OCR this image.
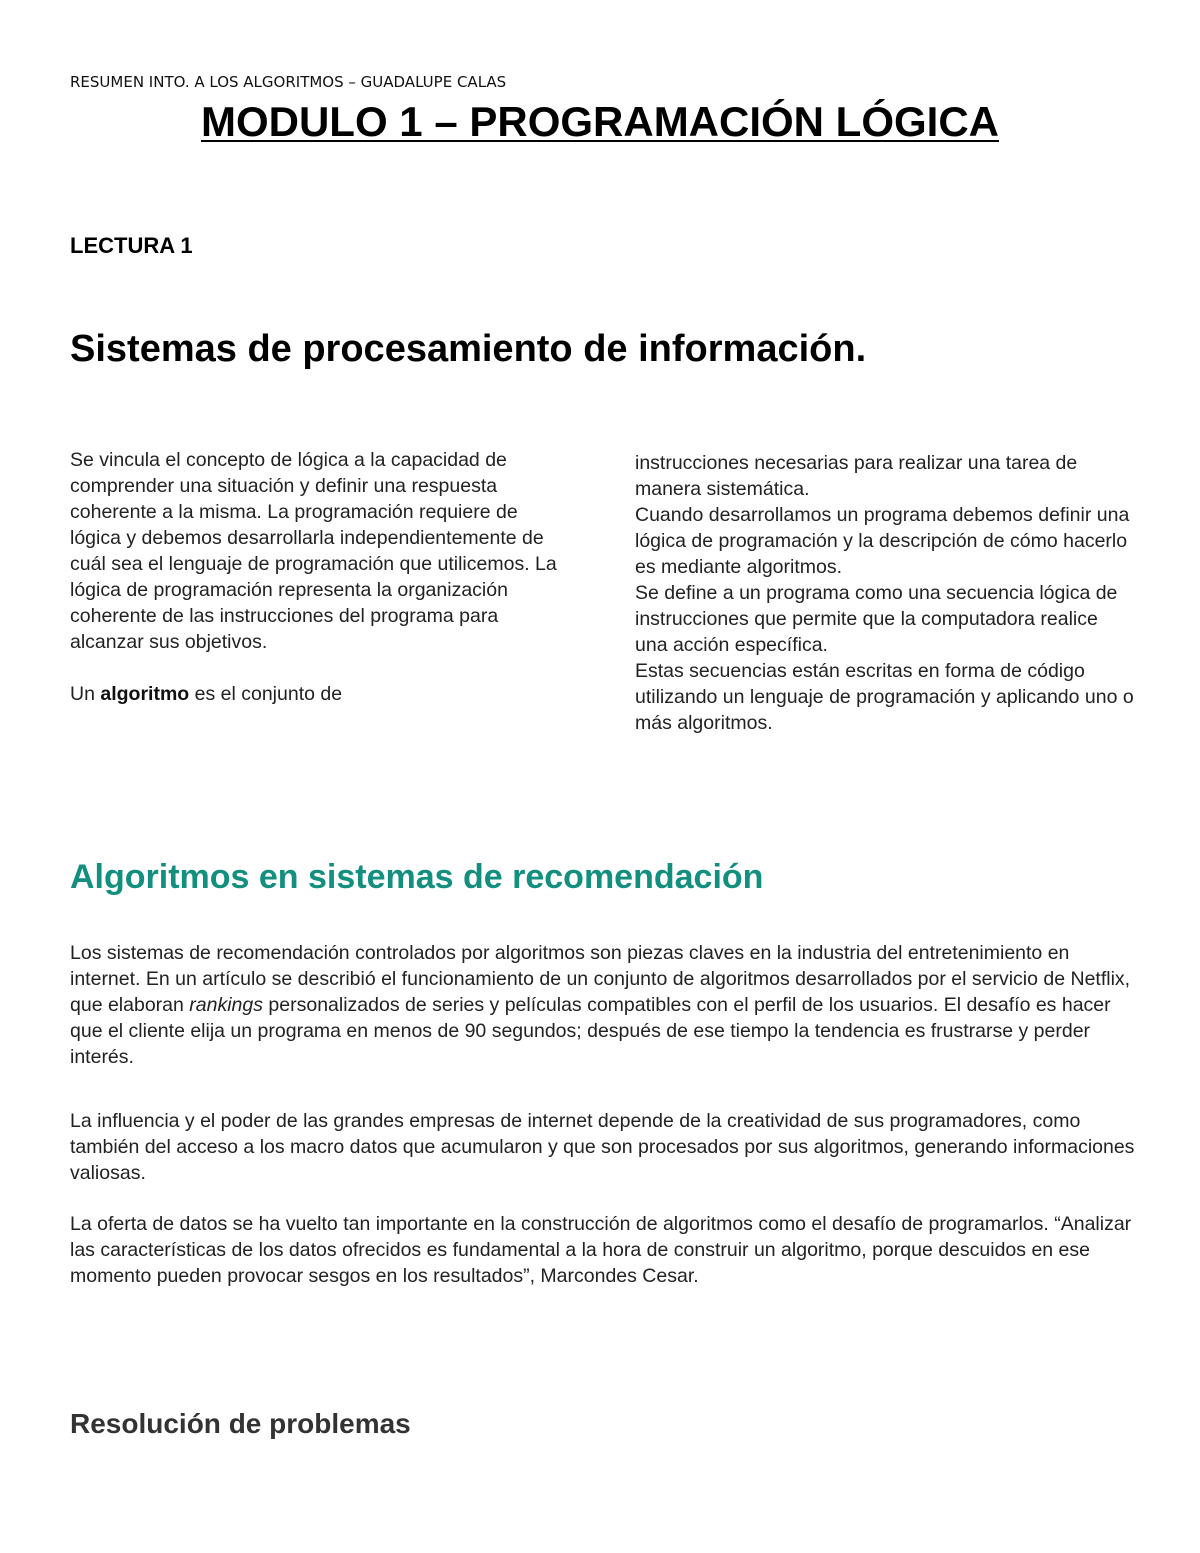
RESUMEN INTO. A LOS ALGORITMOS – GUADALUPE CALAS
MODULO 1 – PROGRAMACIÓN LÓGICA
LECTURA 1
Sistemas de procesamiento de información.

Se vincula el concepto de lógica a la capacidad de comprender una situación y definir una respuesta coherente a la misma. La programación requiere de lógica y debemos desarrollarla independientemente de cuál sea el lenguaje de programación que utilicemos. La lógica de programación representa la organización coherente de las instrucciones del programa para alcanzar sus objetivos.

Un algoritmo es el conjunto de

instrucciones necesarias para realizar una tarea de manera sistemática.

Cuando desarrollamos un programa debemos definir una lógica de programación y la descripción de cómo hacerlo es mediante algoritmos.

Se define a un programa como una secuencia lógica de instrucciones que permite que la computadora realice una acción específica.

Estas secuencias están escritas en forma de código utilizando un lenguaje de programación y aplicando uno o más algoritmos.

Algoritmos en sistemas de recomendación

Los sistemas de recomendación controlados por algoritmos son piezas claves en la industria del entretenimiento en internet. En un artículo se describió el funcionamiento de un conjunto de algoritmos desarrollados por el servicio de Netflix, que elaboran rankings personalizados de series y películas compatibles con el perfil de los usuarios. El desafío es hacer que el cliente elija un programa en menos de 90 segundos; después de ese tiempo la tendencia es frustrarse y perder interés.

La influencia y el poder de las grandes empresas de internet depende de la creatividad de sus programadores, como también del acceso a los macro datos que acumularon y que son procesados por sus algoritmos, generando informaciones valiosas.

La oferta de datos se ha vuelto tan importante en la construcción de algoritmos como el desafío de programarlos. “Analizar las características de los datos ofrecidos es fundamental a la hora de construir un algoritmo, porque descuidos en ese momento pueden provocar sesgos en los resultados”, Marcondes Cesar.

Resolución de problemas
